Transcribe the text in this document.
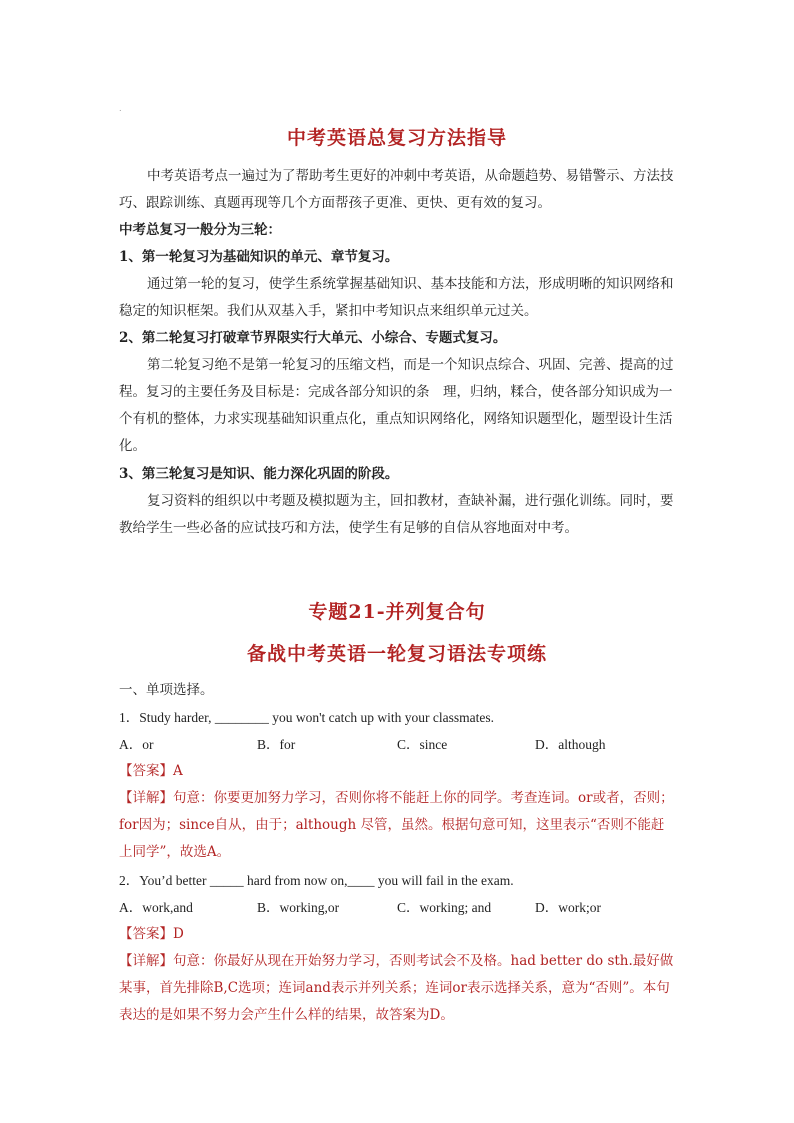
.
中考英语总复习方法指导

中考英语考点一遍过为了帮助考生更好的冲刺中考英语，从命题趋势、易错警示、方法技巧、跟踪训练、真题再现等几个方面帮孩子更准、更快、更有效的复习。

中考总复习一般分为三轮：

1、第一轮复习为基础知识的单元、章节复习。

通过第一轮的复习，使学生系统掌握基础知识、基本技能和方法，形成明晰的知识网络和稳定的知识框架。我们从双基入手，紧扣中考知识点来组织单元过关。

2、第二轮复习打破章节界限实行大单元、小综合、专题式复习。

第二轮复习绝不是第一轮复习的压缩文档，而是一个知识点综合、巩固、完善、提高的过程。复习的主要任务及目标是：完成各部分知识的条　理，归纳，糅合，使各部分知识成为一个有机的整体，力求实现基础知识重点化，重点知识网络化，网络知识题型化，题型设计生活化。

3、第三轮复习是知识、能力深化巩固的阶段。

复习资料的组织以中考题及模拟题为主，回扣教材，查缺补漏，进行强化训练。同时，要教给学生一些必备的应试技巧和方法，使学生有足够的自信从容地面对中考。

专题21-并列复合句
备战中考英语一轮复习语法专项练

一、单项选择。

1．Study harder, ________ you won't catch up with your classmates.

A．or	B．for	C．since	D．although

【答案】A

【详解】句意：你要更加努力学习，否则你将不能赶上你的同学。考查连词。or或者，否则；for因为；since自从，由于；although 尽管，虽然。根据句意可知，这里表示“否则不能赶上同学”，故选A。

2．You’d better _____ hard from now on,____ you will fail in the exam.

A．work,and	B．working,or	C．working; and	D．work;or

【答案】D

【详解】句意：你最好从现在开始努力学习，否则考试会不及格。had better do sth.最好做某事，首先排除B,C选项；连词and表示并列关系；连词or表示选择关系，意为“否则”。本句表达的是如果不努力会产生什么样的结果，故答案为D。
